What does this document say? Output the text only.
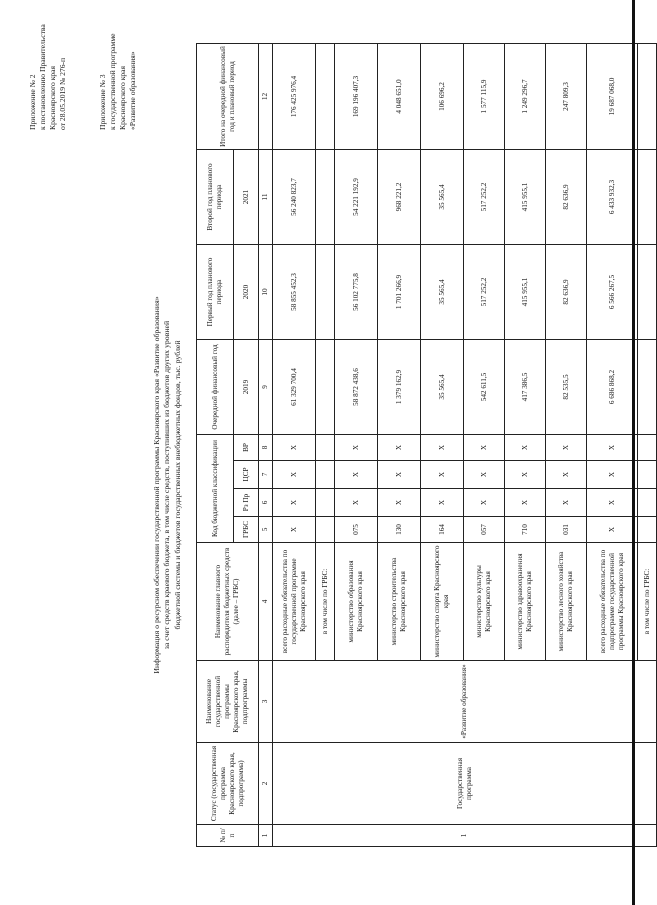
Приложение № 2 к постановлению Правительства Красноярского края от 28.05.2019 № 276-п	Приложение № 3 к государственной программе Красноярского края «Развитие образования»
Информация о ресурсном обеспечении государственной программы Красноярского края «Развитие образования» за счет средств краевого бюджета, в том числе средств, поступивших из бюджетов других уровней бюджетной системы и бюджетов государственных внебюджетных фондов, тыс. рублей
№ п/п	Статус (государственная программа Красноярского края, подпрограмма)	Наименование государственной программы Красноярского края, подпрограммы	Наименование главного распорядителя бюджетных средств (далее – ГРБС)	Код бюджетной классификации				Очередной финансовый год	Первый год планового периода	Второй год планового периода	Итого на очередной финансовый год и плановый период
				ГРБС	Рз Пр	ЦСР	ВР	2019	2020	2021	
1	2	3	4	5	6	7	8	9	10	11	12
1	Государственная программа	«Развитие образования»	всего расходные обязательства по государственной программе Красноярского края	Х	Х	Х	Х	61 329 700,4	58 855 452,3	56 240 823,7	176 425 976,4
			в том числе по ГРБС:								
			министерство образования Красноярского края	075	Х	Х	Х	58 872 438,6	56 102 775,8	54 221 192,9	169 196 407,3
			министерство строительства Красноярского края	130	Х	Х	Х	1 379 162,9	1 701 266,9	968 221,2	4 048 651,0
			министерство спорта Красноярского края	164	Х	Х	Х	35 565,4	35 565,4	35 565,4	106 696,2
			министерство культуры Красноярского края	057	Х	Х	Х	542 611,5	517 252,2	517 252,2	1 577 115,9
			министерство здравоохранения Красноярского края	710	Х	Х	Х	417 386,5	415 955,1	415 955,1	1 249 296,7
			министерство лесного хозяйства Красноярского края	031	Х	Х	Х	82 535,5	82 636,9	82 636,9	247 809,3
			всего расходные обязательства по подпрограмме государственной программы Красноярского края	Х	Х	Х	Х	6 686 868,2	6 566 267,5	6 433 932,3	19 687 068,0
			в том числе по ГРБС:								
